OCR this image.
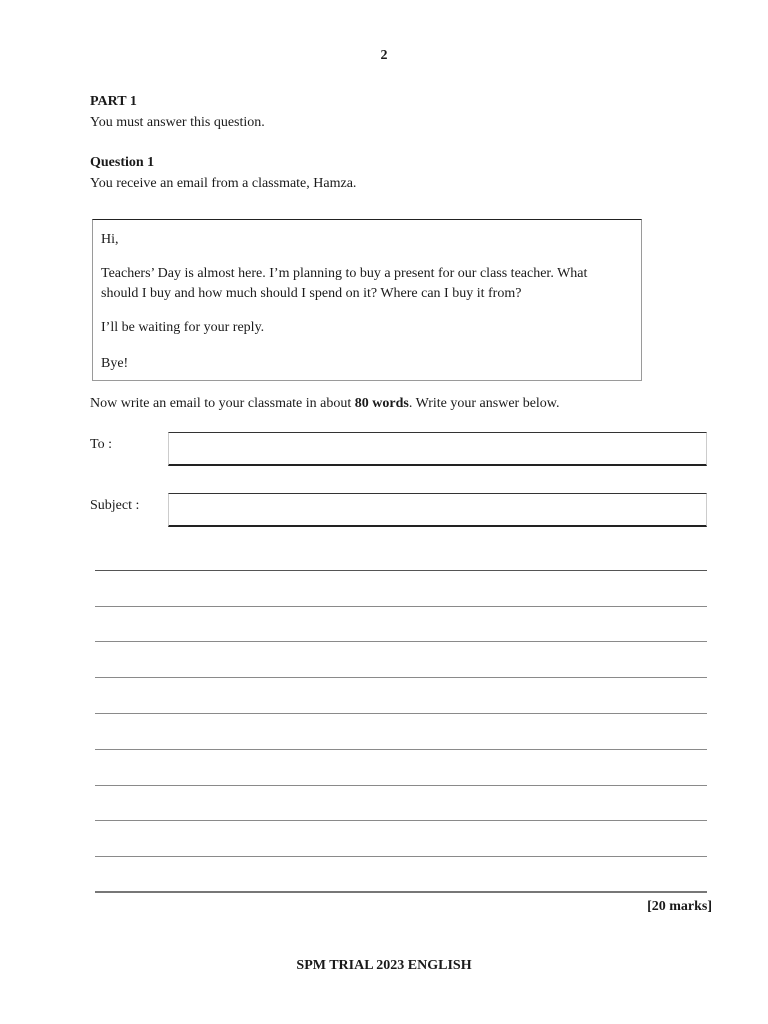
2
PART 1
You must answer this question.
Question 1
You receive an email from a classmate, Hamza.
Hi,
Teachers’ Day is almost here. I’m planning to buy a present for our class teacher. What
should I buy and how much should I spend on it? Where can I buy it from?
I’ll be waiting for your reply.
Bye!
Now write an email to your classmate in about 80 words. Write your answer below.
To :
Subject :
[20 marks]
SPM TRIAL 2023 ENGLISH
